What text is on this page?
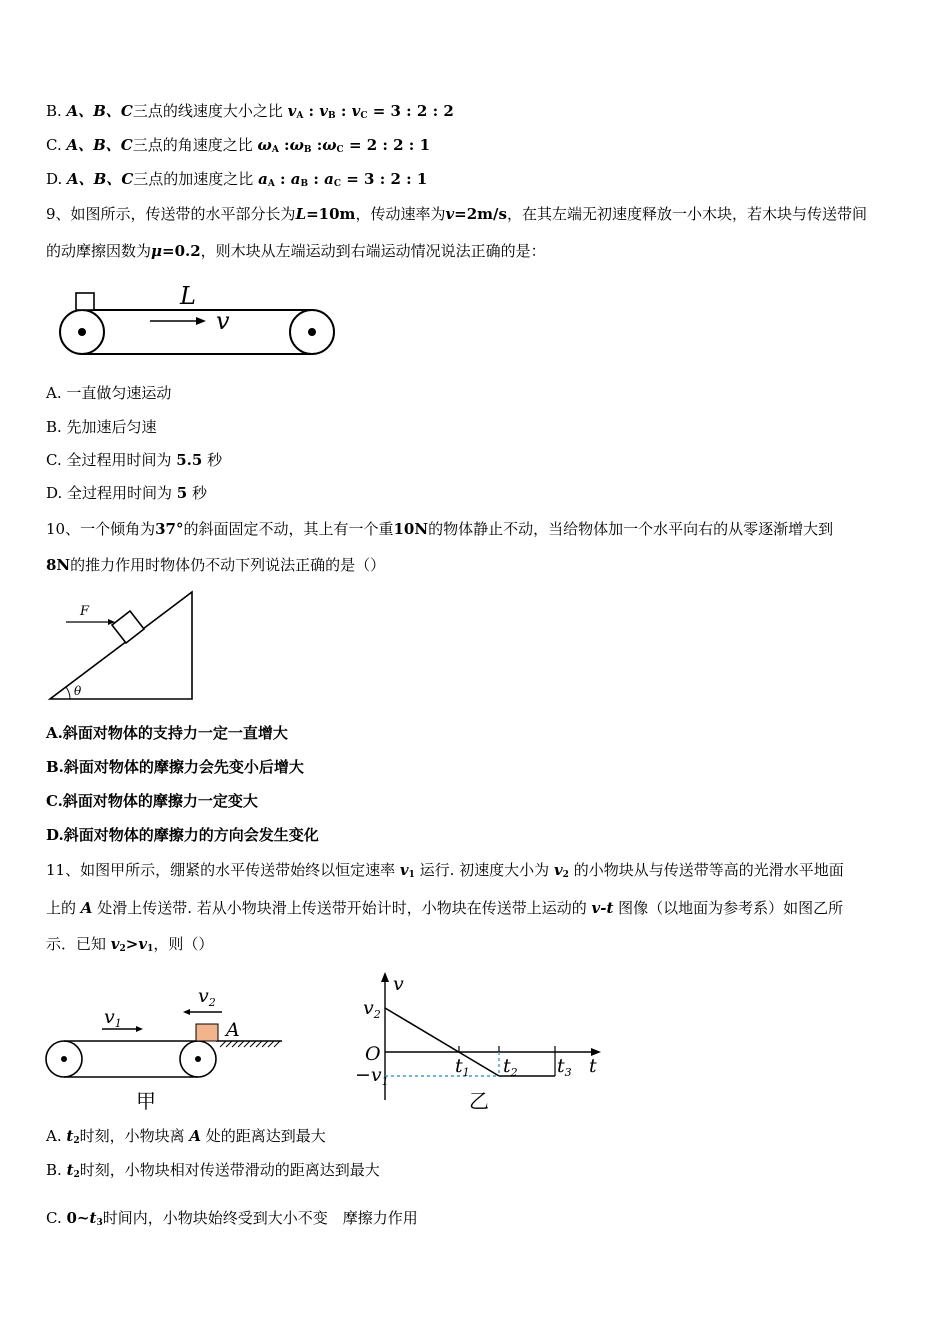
B. A、B、C三点的线速度大小之比 $v_A$ : $v_B$ : $v_C = 3$ : 2 : 2
C. A、B、C三点的角速度之比 $\omega_A$ $:\omega_B$ $:\omega_C = 2$ : 2 : 1
D. A、B、C三点的加速度之比 $a_A$ : $a_B$ : $a_C = 3$ : 2 : 1
9、如图所示，传送带的水平部分长为L=10m，传动速率为v=2m/s，在其左端无初速度释放一小木块，若木块与传送带间
的动摩擦因数为μ=0.2，则木块从左端运动到右端运动情况说法正确的是：
L
v
A. 一直做匀速运动
B. 先加速后匀速
C. 全过程用时间为 5.5 秒
D. 全过程用时间为 5 秒
10、一个倾角为37°的斜面固定不动，其上有一个重10N的物体静止不动，当给物体加一个水平向右的从零逐渐增大到
8N的推力作用时物体仍不动下列说法正确的是（）
F
θ
A.斜面对物体的支持力一定一直增大
B.斜面对物体的摩擦力会先变小后增大
C.斜面对物体的摩擦力一定变大
D.斜面对物体的摩擦力的方向会发生变化
11、如图甲所示，绷紧的水平传送带始终以恒定速率 $v_1$ 运行. 初速度大小为 $v_2$ 的小物块从与传送带等高的光滑水平地面
上的 A 处滑上传送带. 若从小物块滑上传送带开始计时，小物块在传送带上运动的 v-t 图像（以地面为参考系）如图乙所
示．已知 $v_2>v_1$，则（）
A
$v_1$
$v_2$
甲
v
t
O
$v_2$
$-v_1$
$t_1$ $t_2$ $t_3$
乙
A. $t_2$时刻，小物块离 A 处的距离达到最大
B. $t_2$时刻，小物块相对传送带滑动的距离达到最大
C. $0\sim t_3$时间内，小物块始终受到大小不变　摩擦力作用
